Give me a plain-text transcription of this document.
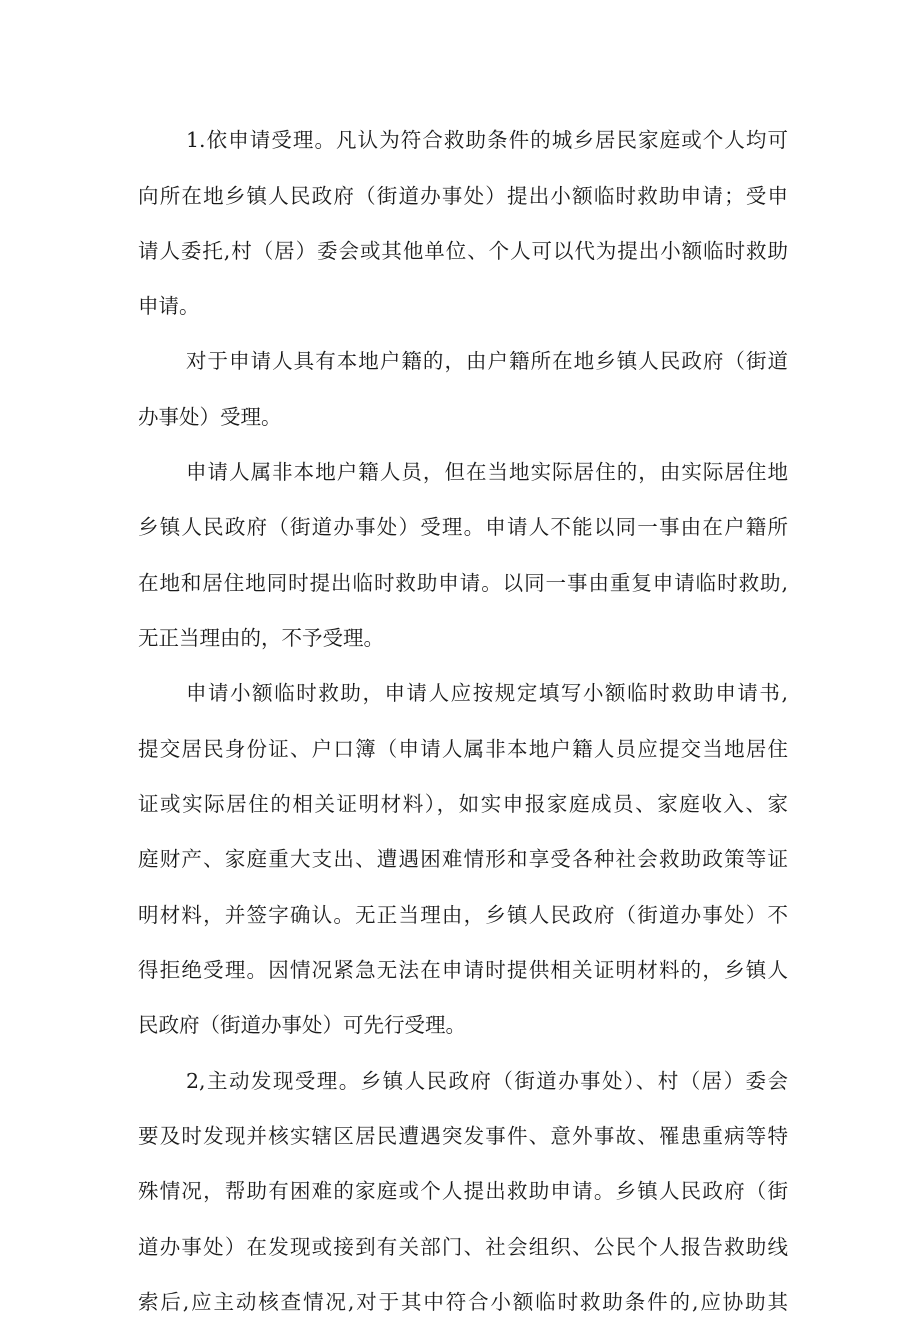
1.依申请受理。凡认为符合救助条件的城乡居民家庭或个人均可
向所在地乡镇人民政府（街道办事处）提出小额临时救助申请；受申
请人委托,村（居）委会或其他单位、个人可以代为提出小额临时救助
申请。
对于申请人具有本地户籍的，由户籍所在地乡镇人民政府（街道
办事处）受理。
申请人属非本地户籍人员，但在当地实际居住的，由实际居住地
乡镇人民政府（街道办事处）受理。申请人不能以同一事由在户籍所
在地和居住地同时提出临时救助申请。以同一事由重复申请临时救助,
无正当理由的，不予受理。
申请小额临时救助，申请人应按规定填写小额临时救助申请书,
提交居民身份证、户口簿（申请人属非本地户籍人员应提交当地居住
证或实际居住的相关证明材料），如实申报家庭成员、家庭收入、家
庭财产、家庭重大支出、遭遇困难情形和享受各种社会救助政策等证
明材料，并签字确认。无正当理由，乡镇人民政府（街道办事处）不
得拒绝受理。因情况紧急无法在申请时提供相关证明材料的，乡镇人
民政府（街道办事处）可先行受理。
2,主动发现受理。乡镇人民政府（街道办事处）、村（居）委会
要及时发现并核实辖区居民遭遇突发事件、意外事故、罹患重病等特
殊情况，帮助有困难的家庭或个人提出救助申请。乡镇人民政府（街
道办事处）在发现或接到有关部门、社会组织、公民个人报告救助线
索后,应主动核查情况,对于其中符合小额临时救助条件的,应协助其
